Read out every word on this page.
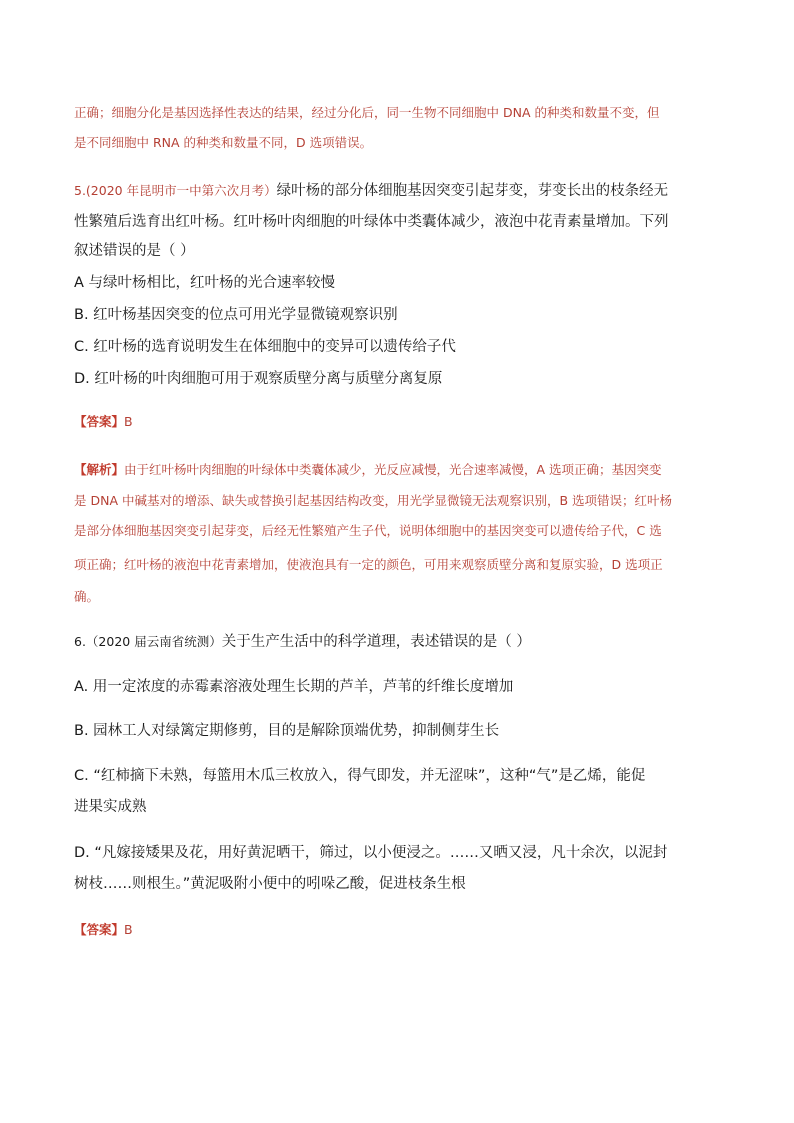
正确；细胞分化是基因选择性表达的结果，经过分化后，同一生物不同细胞中 DNA 的种类和数量不变，但
是不同细胞中 RNA 的种类和数量不同，D 选项错误。
5.(2020 年昆明市一中第六次月考）绿叶杨的部分体细胞基因突变引起芽变，芽变长出的枝条经无
性繁殖后选育出红叶杨。红叶杨叶肉细胞的叶绿体中类囊体减少，液泡中花青素量增加。下列
叙述错误的是（ ）
A 与绿叶杨相比，红叶杨的光合速率较慢
B. 红叶杨基因突变的位点可用光学显微镜观察识别
C. 红叶杨的选育说明发生在体细胞中的变异可以遗传给子代
D. 红叶杨的叶肉细胞可用于观察质壁分离与质壁分离复原
【答案】B
【解析】由于红叶杨叶肉细胞的叶绿体中类囊体减少，光反应减慢，光合速率减慢，A 选项正确；基因突变
是 DNA 中碱基对的增添、缺失或替换引起基因结构改变，用光学显微镜无法观察识别，B 选项错误；红叶杨
是部分体细胞基因突变引起芽变，后经无性繁殖产生子代，说明体细胞中的基因突变可以遗传给子代，C 选
项正确；红叶杨的液泡中花青素增加，使液泡具有一定的颜色，可用来观察质壁分离和复原实验，D 选项正
确。
6.（2020 届云南省统测）关于生产生活中的科学道理，表述错误的是（ ）
A. 用一定浓度的赤霉素溶液处理生长期的芦羊，芦苇的纤维长度增加
B. 园林工人对绿篱定期修剪，目的是解除顶端优势，抑制侧芽生长
C. “红柿摘下未熟，每篮用木瓜三枚放入，得气即发，并无涩味”，这种“气”是乙烯，能促
进果实成熟
D. “凡嫁接矮果及花，用好黄泥晒干，筛过，以小便浸之。……又晒又浸，凡十余次，以泥封
树枝……则根生。”黄泥吸附小便中的吲哚乙酸，促进枝条生根
【答案】B
